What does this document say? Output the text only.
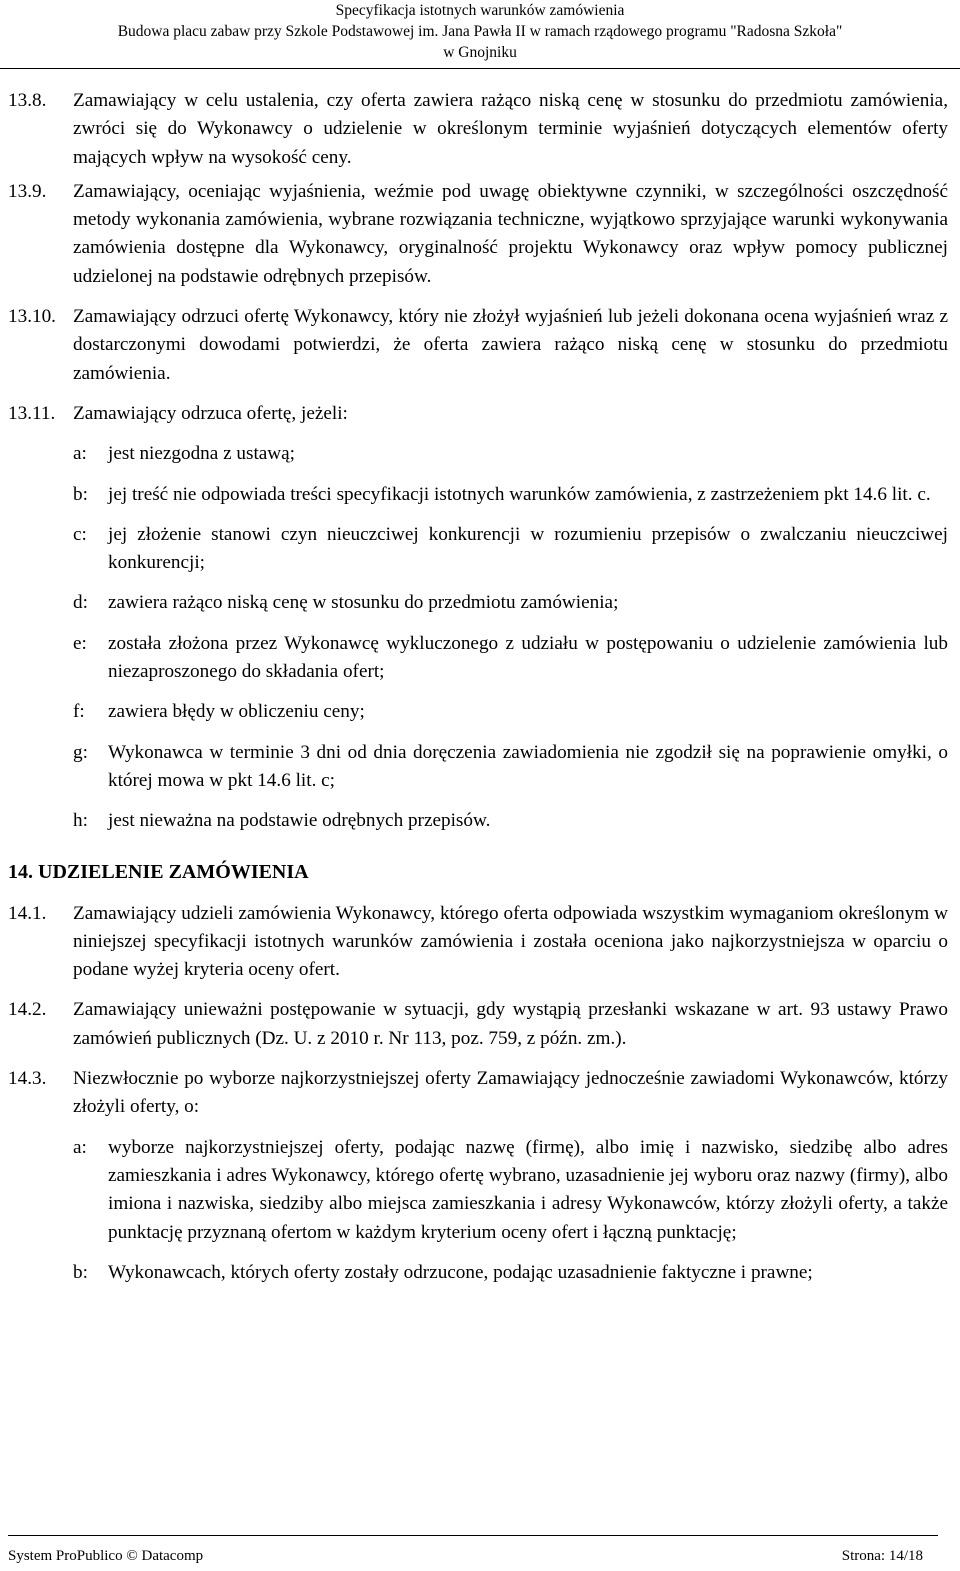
Specyfikacja istotnych warunków zamówienia
Budowa placu zabaw przy Szkole Podstawowej im. Jana Pawła II w ramach rządowego programu "Radosna Szkoła"
w Gnojniku
13.8. Zamawiający w celu ustalenia, czy oferta zawiera rażąco niską cenę w stosunku do przedmiotu zamówienia, zwróci się do Wykonawcy o udzielenie w określonym terminie wyjaśnień dotyczących elementów oferty mających wpływ na wysokość ceny.
13.9. Zamawiający, oceniając wyjaśnienia, weźmie pod uwagę obiektywne czynniki, w szczególności oszczędność metody wykonania zamówienia, wybrane rozwiązania techniczne, wyjątkowo sprzyjające warunki wykonywania zamówienia dostępne dla Wykonawcy, oryginalność projektu Wykonawcy oraz wpływ pomocy publicznej udzielonej na podstawie odrębnych przepisów.
13.10. Zamawiający odrzuci ofertę Wykonawcy, który nie złożył wyjaśnień lub jeżeli dokonana ocena wyjaśnień wraz z dostarczonymi dowodami potwierdzi, że oferta zawiera rażąco niską cenę w stosunku do przedmiotu zamówienia.
13.11. Zamawiający odrzuca ofertę, jeżeli:
a: jest niezgodna z ustawą;
b: jej treść nie odpowiada treści specyfikacji istotnych warunków zamówienia, z zastrzeżeniem pkt 14.6 lit. c.
c: jej złożenie stanowi czyn nieuczciwej konkurencji w rozumieniu przepisów o zwalczaniu nieuczciwej konkurencji;
d: zawiera rażąco niską cenę w stosunku do przedmiotu zamówienia;
e: została złożona przez Wykonawcę wykluczonego z udziału w postępowaniu o udzielenie zamówienia lub niezaproszonego do składania ofert;
f: zawiera błędy w obliczeniu ceny;
g: Wykonawca w terminie 3 dni od dnia doręczenia zawiadomienia nie zgodził się na poprawienie omyłki, o której mowa w pkt 14.6 lit. c;
h: jest nieważna na podstawie odrębnych przepisów.
14. UDZIELENIE ZAMÓWIENIA
14.1. Zamawiający udzieli zamówienia Wykonawcy, którego oferta odpowiada wszystkim wymaganiom określonym w niniejszej specyfikacji istotnych warunków zamówienia i została oceniona jako najkorzystniejsza w oparciu o podane wyżej kryteria oceny ofert.
14.2. Zamawiający unieważni postępowanie w sytuacji, gdy wystąpią przesłanki wskazane w art. 93 ustawy Prawo zamówień publicznych (Dz. U. z 2010 r. Nr 113, poz. 759, z późn. zm.).
14.3. Niezwłocznie po wyborze najkorzystniejszej oferty Zamawiający jednocześnie zawiadomi Wykonawców, którzy złożyli oferty, o:
a: wyborze najkorzystniejszej oferty, podając nazwę (firmę), albo imię i nazwisko, siedzibę albo adres zamieszkania i adres Wykonawcy, którego ofertę wybrano, uzasadnienie jej wyboru oraz nazwy (firmy), albo imiona i nazwiska, siedziby albo miejsca zamieszkania i adresy Wykonawców, którzy złożyli oferty, a także punktację przyznaną ofertom w każdym kryterium oceny ofert i łączną punktację;
b: Wykonawcach, których oferty zostały odrzucone, podając uzasadnienie faktyczne i prawne;
System ProPublico © Datacomp	Strona: 14/18
